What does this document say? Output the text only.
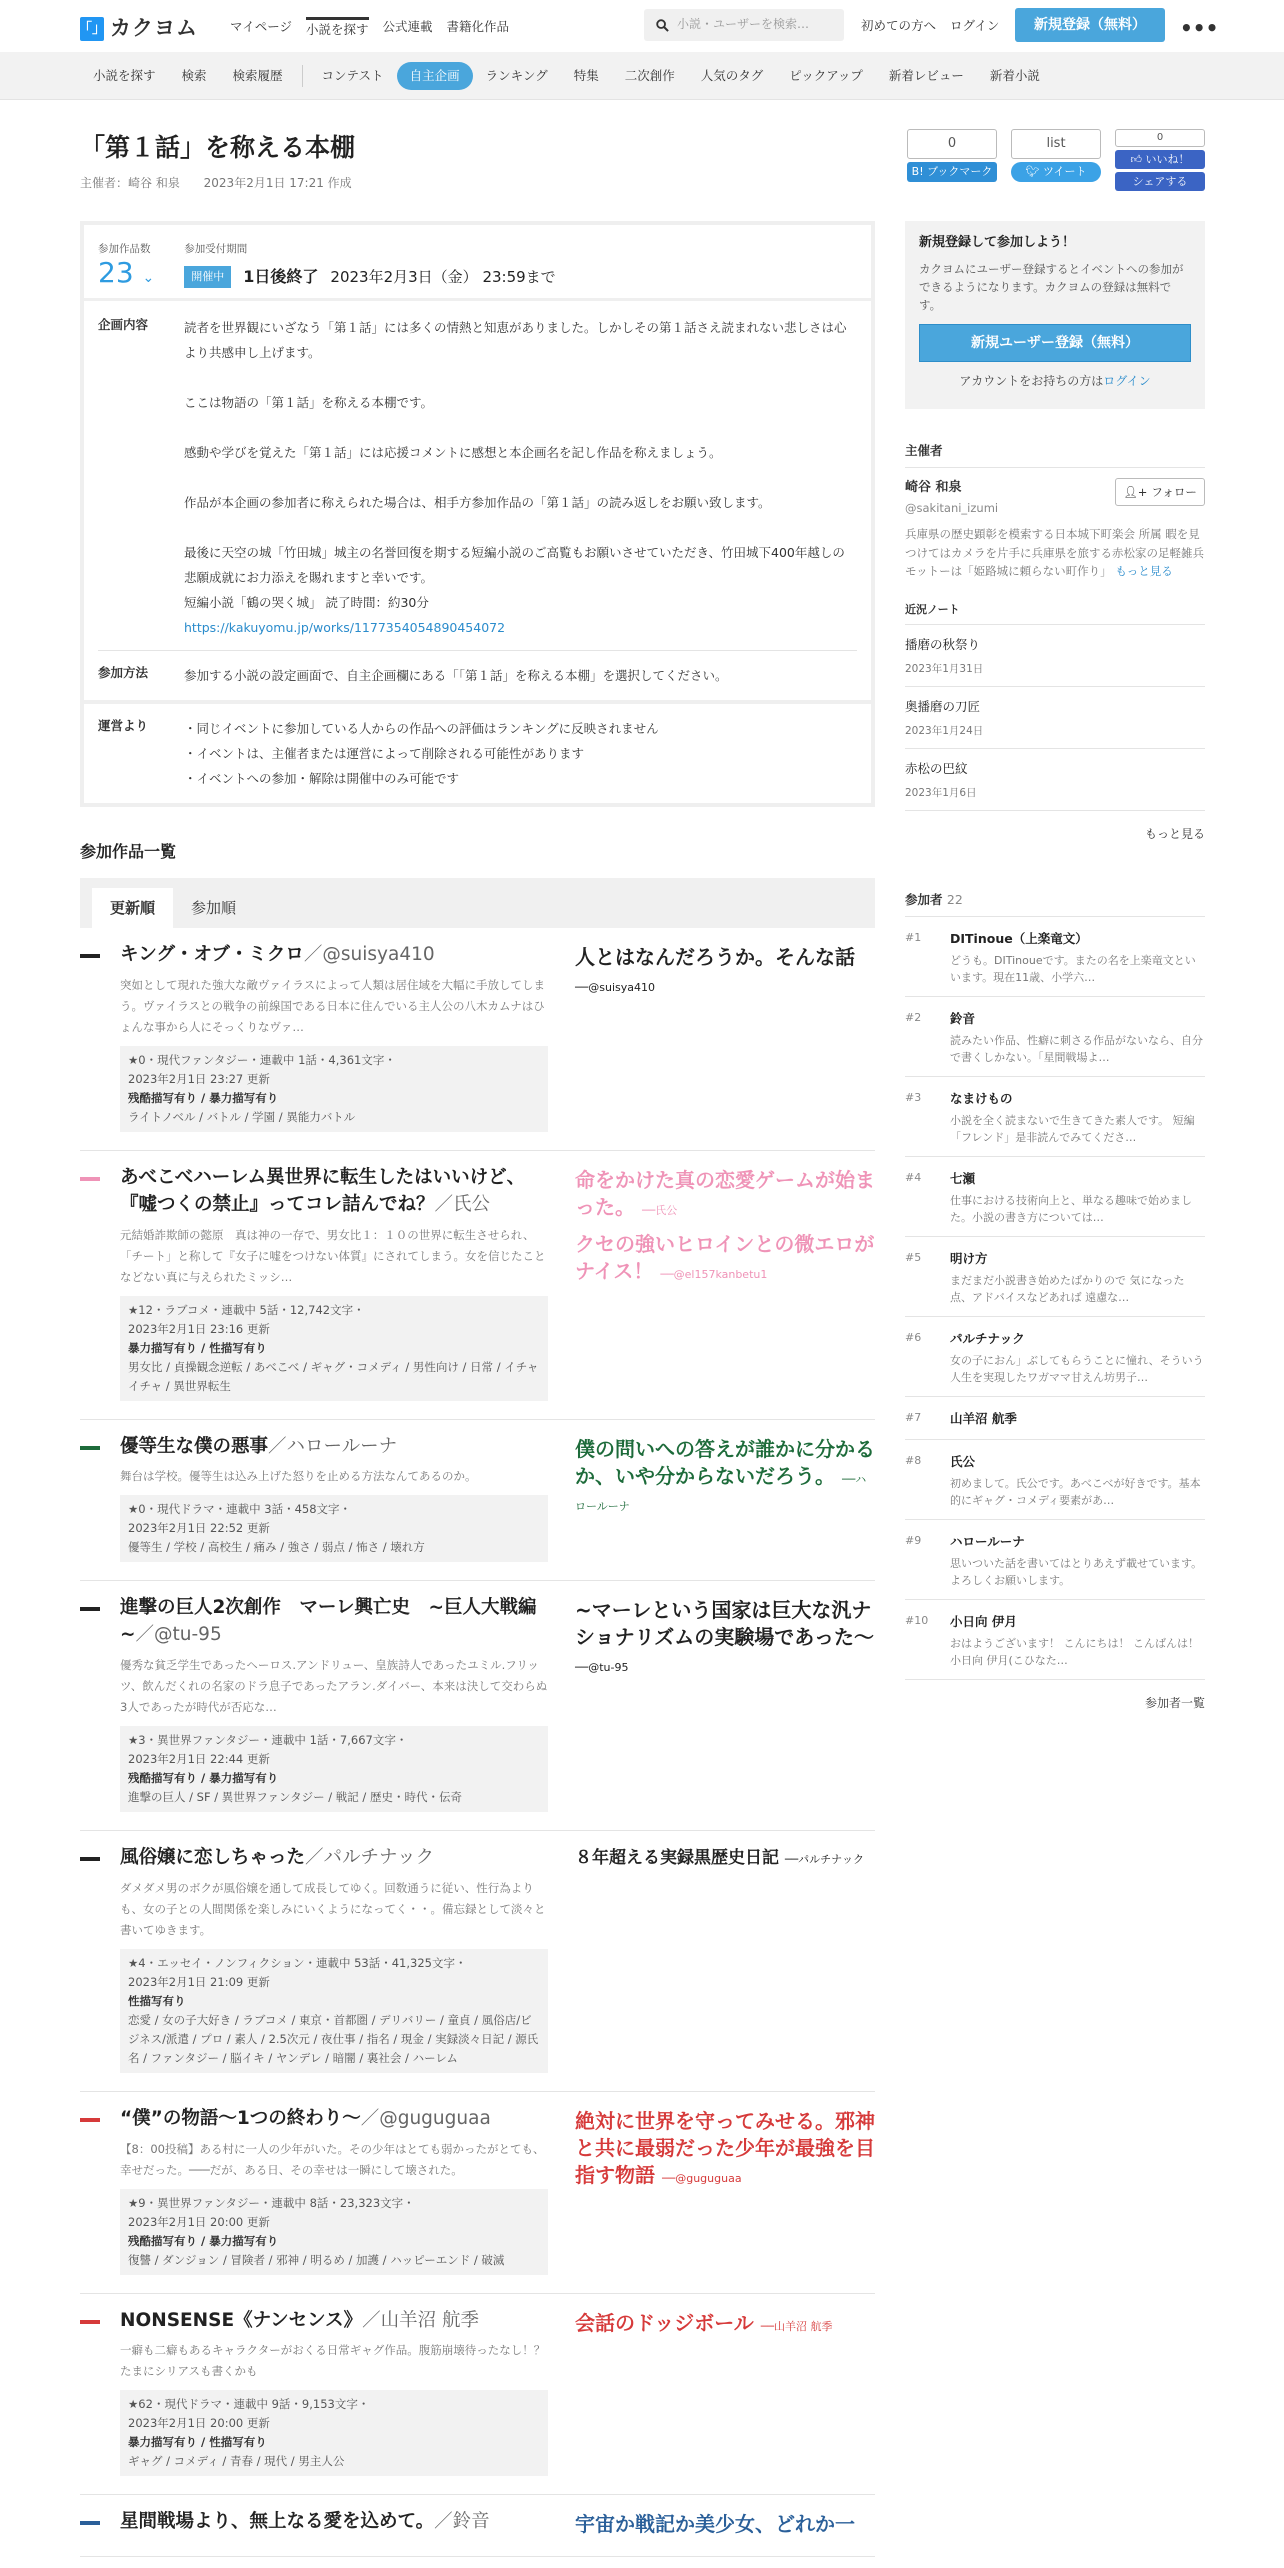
「」 カクヨム	マイページ 小説を探す 公式連載 書籍化作品	小説・ユーザーを検索…	初めての方へ ログイン	新規登録（無料）	•••
小説を探す	検索	検索履歴	コンテスト	自主企画	ランキング	特集	二次創作	人気のタグ	ピックアップ	新着レビュー	新着小説
「第１話」を称える本棚
主催者：崎谷 和泉 2023年2月1日 17:21 作成
参加作品数
23 ⌄
参加受付期間
開催中	1日後終了 2023年2月3日（金） 23:59まで
企画内容	読者を世界観にいざなう「第１話」には多くの情熱と知恵がありました。しかしその第１話さえ読まれない悲しさは心より共感申し上げます。

ここは物語の「第１話」を称える本棚です。

感動や学びを覚えた「第１話」には応援コメントに感想と本企画名を記し作品を称えましょう。

作品が本企画の参加者に称えられた場合は、相手方参加作品の「第１話」の読み返しをお願い致します。

最後に天空の城「竹田城」城主の名誉回復を期する短編小説のご高覧もお願いさせていただき、竹田城下400年越しの悲願成就にお力添えを賜れますと幸いです。

短編小説「鶴の哭く城」 読了時間：約30分

https://kakuyomu.jp/works/1177354054890454072

参加方法	参加する小説の設定画面で、自主企画欄にある「「第１話」を称える本棚」を選択してください。
運営より	・同じイベントに参加している人からの作品への評価はランキングに反映されません
・イベントは、主催者または運営によって削除される可能性があります
・イベントへの参加・解除は開催中のみ可能です
参加作品一覧
更新順	参加順
キング・オブ・ミクロ／@suisya410
突如として現れた強大な敵ヴァイラスによって人類は居住域を大幅に手放してしまう。ヴァイラスとの戦争の前線国である日本に住んでいる主人公の八木カムナはひょんな事から人にそっくりなヴァ…
★0・現代ファンタジー・連載中 1話・4,361文字・
2023年2月1日 23:27 更新
残酷描写有り / 暴力描写有り
ライトノベル / バトル / 学園 / 異能力バトル
人とはなんだろうか。そんな話 ──@suisya410
あべこべハーレム異世界に転生したはいいけど、『嘘つくの禁止』ってコレ詰んでね？／氏公
元結婚詐欺師の懿原　真は神の一存で、男女比１：１０の世界に転生させられ、「チート」と称して『女子に嘘をつけない体質』にされてしまう。女を信じたことなどない真に与えられたミッシ…
★12・ラブコメ・連載中 5話・12,742文字・
2023年2月1日 23:16 更新
暴力描写有り / 性描写有り
男女比 / 貞操観念逆転 / あべこべ / ギャグ・コメディ / 男性向け / 日常 / イチャイチャ / 異世界転生
命をかけた真の恋愛ゲームが始まった。 ──氏公
クセの強いヒロインとの微エロがナイス！ ──@el157kanbetu1
優等生な僕の悪事／ハロールーナ
舞台は学校。優等生は込み上げた怒りを止める方法なんてあるのか。
★0・現代ドラマ・連載中 3話・458文字・
2023年2月1日 22:52 更新
優等生 / 学校 / 高校生 / 痛み / 強さ / 弱点 / 怖さ / 壊れ方
僕の問いへの答えが誰かに分かるか、いや分からないだろう。 ──ハロールーナ
進撃の巨人2次創作　マーレ興亡史　~巨人大戦編~／@tu-95
優秀な貧乏学生であったヘーロス.アンドリュー、皇族詩人であったユミル.フリッツ、飲んだくれの名家のドラ息子であったアラン.ダイバー、本来は決して交わらぬ3人であったが時代が否応な…
★3・異世界ファンタジー・連載中 1話・7,667文字・
2023年2月1日 22:44 更新
残酷描写有り / 暴力描写有り
進撃の巨人 / SF / 異世界ファンタジー / 戦記 / 歴史・時代・伝奇
~マーレという国家は巨大な汎ナショナリズムの実験場であった～ ──@tu-95
風俗嬢に恋しちゃった／パルチナック
ダメダメ男のボクが風俗嬢を通して成長してゆく。回数通うに従い、性行為よりも、女の子との人間関係を楽しみにいくようになってく・・。備忘録として淡々と書いてゆきます。
★4・エッセイ・ノンフィクション・連載中 53話・41,325文字・
2023年2月1日 21:09 更新
性描写有り
恋愛 / 女の子大好き / ラブコメ / 東京・首都圏 / デリバリー / 童貞 / 風俗店/ビジネス/派遣 / プロ / 素人 / 2.5次元 / 夜仕事 / 指名 / 現金 / 実録淡々日記 / 源氏名 / ファンタジー / 脳イキ / ヤンデレ / 暗闇 / 裏社会 / ハーレム
８年超える実録黒歴史日記 ──パルチナック
“僕”の物語〜1つの終わり〜／@guguguaa
【8：00投稿】ある村に一人の少年がいた。その少年はとても弱かったがとても、幸せだった。───だが、ある日、その幸せは一瞬にして壊された。
★9・異世界ファンタジー・連載中 8話・23,323文字・
2023年2月1日 20:00 更新
残酷描写有り / 暴力描写有り
復讐 / ダンジョン / 冒険者 / 邪神 / 明るめ / 加護 / ハッピーエンド / 破滅
絶対に世界を守ってみせる。邪神と共に最弱だった少年が最強を目指す物語 ──@guguguaa
NONSENSE《ナンセンス》／山羊沼 航季
一癖も二癖もあるキャラクターがおくる日常ギャグ作品。腹筋崩壊待ったなし！？ たまにシリアスも書くかも
★62・現代ドラマ・連載中 9話・9,153文字・
2023年2月1日 20:00 更新
暴力描写有り / 性描写有り
ギャグ / コメディ / 青春 / 現代 / 男主人公
会話のドッジボール ──山羊沼 航季
星間戦場より、無上なる愛を込めて。／鈴音	宇宙か戦記か美少女、どれか一
0
B! ブックマーク
list
🐦︎
ツイート
0
👍︎
いいね！
シェアする
新規登録して参加しよう！

カクヨムにユーザー登録するとイベントへの参加ができるようになります。カクヨムの登録は無料です。

新規ユーザー登録（無料）
アカウントをお持ちの方はログイン
主催者
崎谷 和泉
@sakitani_izumi
👤︎+ フォロー
兵庫県の歴史顕彰を模索する日本城下町楽会 所属 暇を見つけてはカメラを片手に兵庫県を旅する赤松家の足軽雑兵 モットーは「姫路城に頼らない町作り」 もっと見る
近況ノート
播磨の秋祭り
2023年1月31日
奥播磨の刀匠
2023年1月24日
赤松の巴紋
2023年1月6日
もっと見る
参加者 22
#1	DITinoue（上楽竜文）
どうも。DITinoueです。またの名を上楽竜文といいます。現在11歳、小学六…
#2	鈴音
読みたい作品、性癖に刺さる作品がないなら、自分で書くしかない。「星間戦場よ…
#3	なまけもの
小説を全く読まないで生きてきた素人です。 短編「フレンド」是非読んでみてくださ…
#4	七瀬
仕事における技術向上と、単なる趣味で始めました。小説の書き方については…
#5	明け方
まだまだ小説書き始めたばかりので 気になった点、アドバイスなどあれば 遠慮な…
#6	パルチナック
女の子におん」ぶしてもらうことに憧れ、そういう人生を実現したワガママ甘えん坊男子…
#7	山羊沼 航季
#8	氏公
初めまして。氏公です。あべこべが好きです。基本的にギャグ・コメディ要素があ…
#9	ハロールーナ
思いついた話を書いてはとりあえず載せています。よろしくお願いします。
#10	小日向 伊月
おはようございます！ こんにちは！ こんばんは！ 小日向 伊月(こひなた…
参加者一覧
